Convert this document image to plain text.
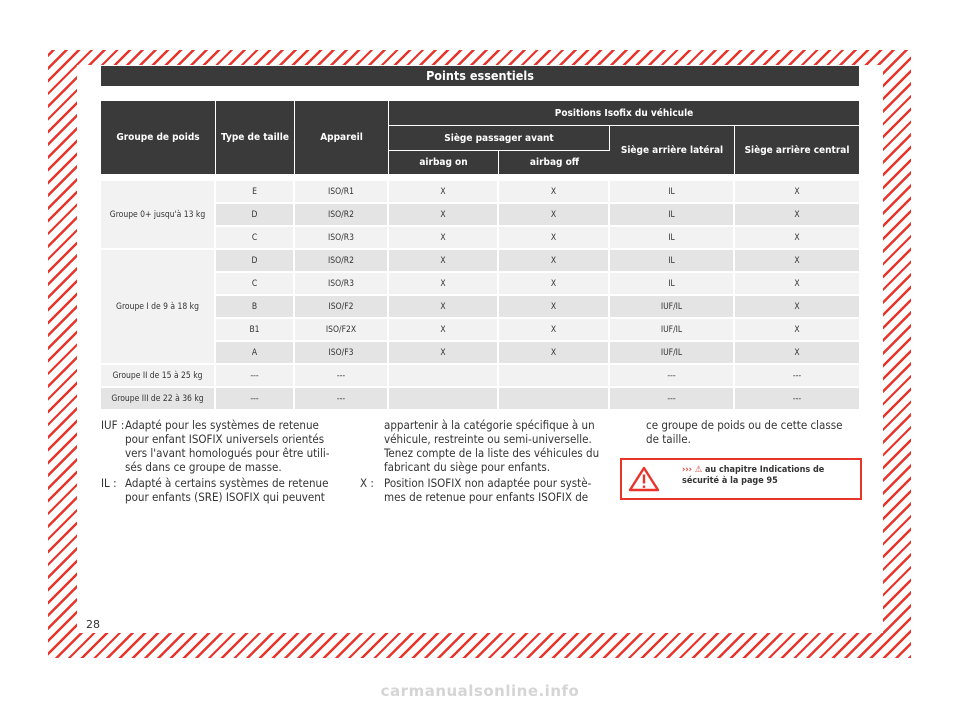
Points essentiels
Groupe de poids	Type de taille	Appareil	Positions Isofix du véhicule			
			Siège passager avant		Siège arrière latéral	Siège arrière central
			airbag on	airbag off		

Groupe 0+ jusqu'à 13 kg	E	ISO/R1	X	X	IL	X
	D	ISO/R2	X	X	IL	X
	C	ISO/R3	X	X	IL	X
Groupe I de 9 à 18 kg	D	ISO/R2	X	X	IL	X
	C	ISO/R3	X	X	IL	X
	B	ISO/F2	X	X	IUF/IL	X
	B1	ISO/F2X	X	X	IUF/IL	X
	A	ISO/F3	X	X	IUF/IL	X
Groupe II de 15 à 25 kg	---	---			---	---
Groupe III de 22 à 36 kg	---	---			---	---
IUF : Adapté pour les systèmes de retenue pour enfant ISOFIX universels orientés vers l'avant homologués pour être utili-sés dans ce groupe de masse.
IL : Adapté à certains systèmes de retenue pour enfants (SRE) ISOFIX qui peuvent
appartenir à la catégorie spécifique à un véhicule, restreinte ou semi-universelle. Tenez compte de la liste des véhicules du fabricant du siège pour enfants.
X : Position ISOFIX non adaptée pour systè-mes de retenue pour enfants ISOFIX de
ce groupe de poids ou de cette classe de taille.
››› ⚠ au chapitre Indications de sécurité à la page 95
28
carmanualsonline.info
